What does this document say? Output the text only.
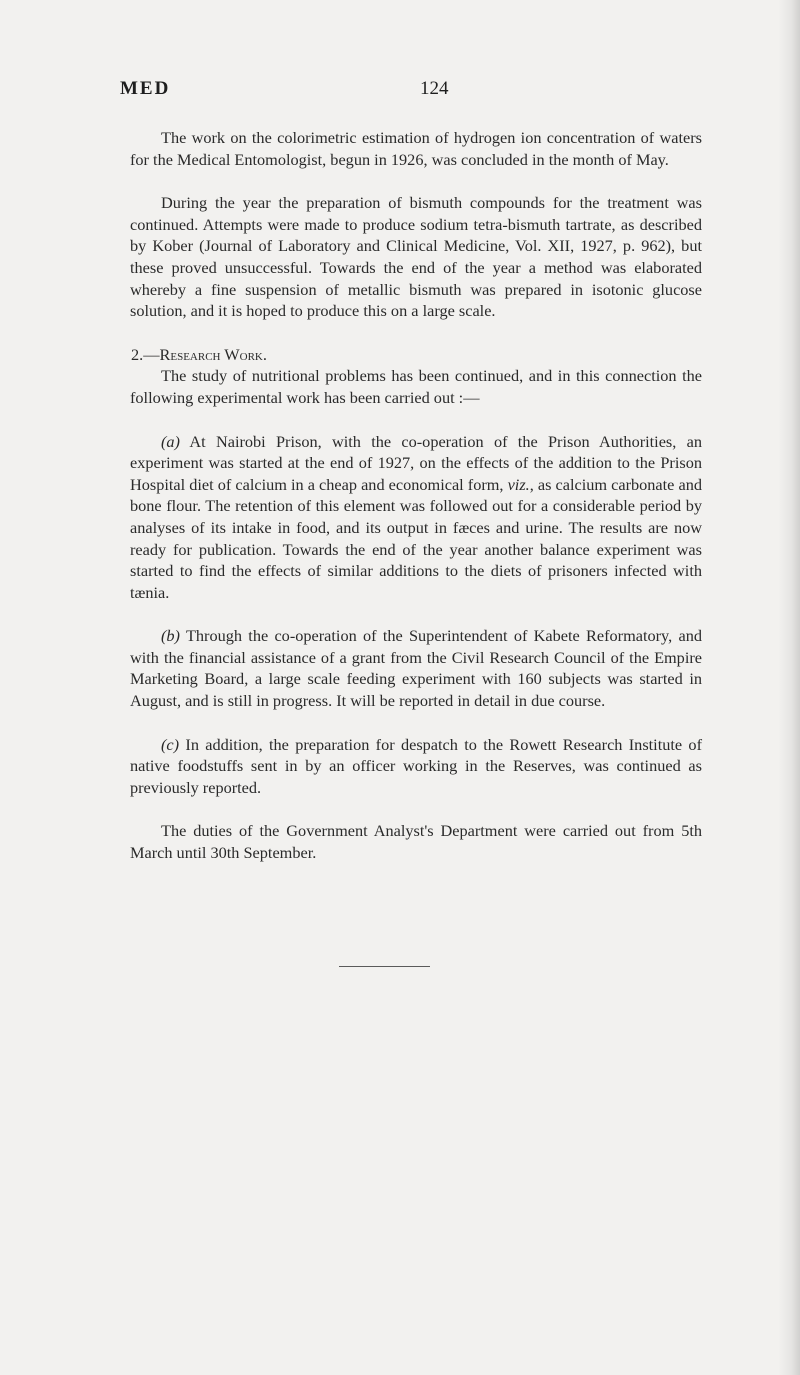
MED	124

The work on the colorimetric estimation of hydrogen ion concentration of waters for the Medical Entomologist, begun in 1926, was concluded in the month of May.

During the year the preparation of bismuth compounds for the treatment was continued. Attempts were made to produce sodium tetra-bismuth tartrate, as described by Kober (Journal of Laboratory and Clinical Medicine, Vol. XII, 1927, p. 962), but these proved unsuccessful. Towards the end of the year a method was elaborated whereby a fine suspension of metallic bismuth was prepared in isotonic glucose solution, and it is hoped to produce this on a large scale.

2.—Research Work.

The study of nutritional problems has been continued, and in this connection the following experimental work has been carried out :—

(a) At Nairobi Prison, with the co-operation of the Prison Authorities, an experiment was started at the end of 1927, on the effects of the addition to the Prison Hospital diet of calcium in a cheap and economical form, viz., as calcium carbonate and bone flour. The retention of this element was followed out for a considerable period by analyses of its intake in food, and its output in fæces and urine. The results are now ready for publication. Towards the end of the year another balance experiment was started to find the effects of similar additions to the diets of prisoners infected with tænia.

(b) Through the co-operation of the Superintendent of Kabete Reformatory, and with the financial assistance of a grant from the Civil Research Council of the Empire Marketing Board, a large scale feeding experiment with 160 subjects was started in August, and is still in progress. It will be reported in detail in due course.

(c) In addition, the preparation for despatch to the Rowett Research Institute of native foodstuffs sent in by an officer working in the Reserves, was continued as previously reported.

The duties of the Government Analyst's Department were carried out from 5th March until 30th September.
